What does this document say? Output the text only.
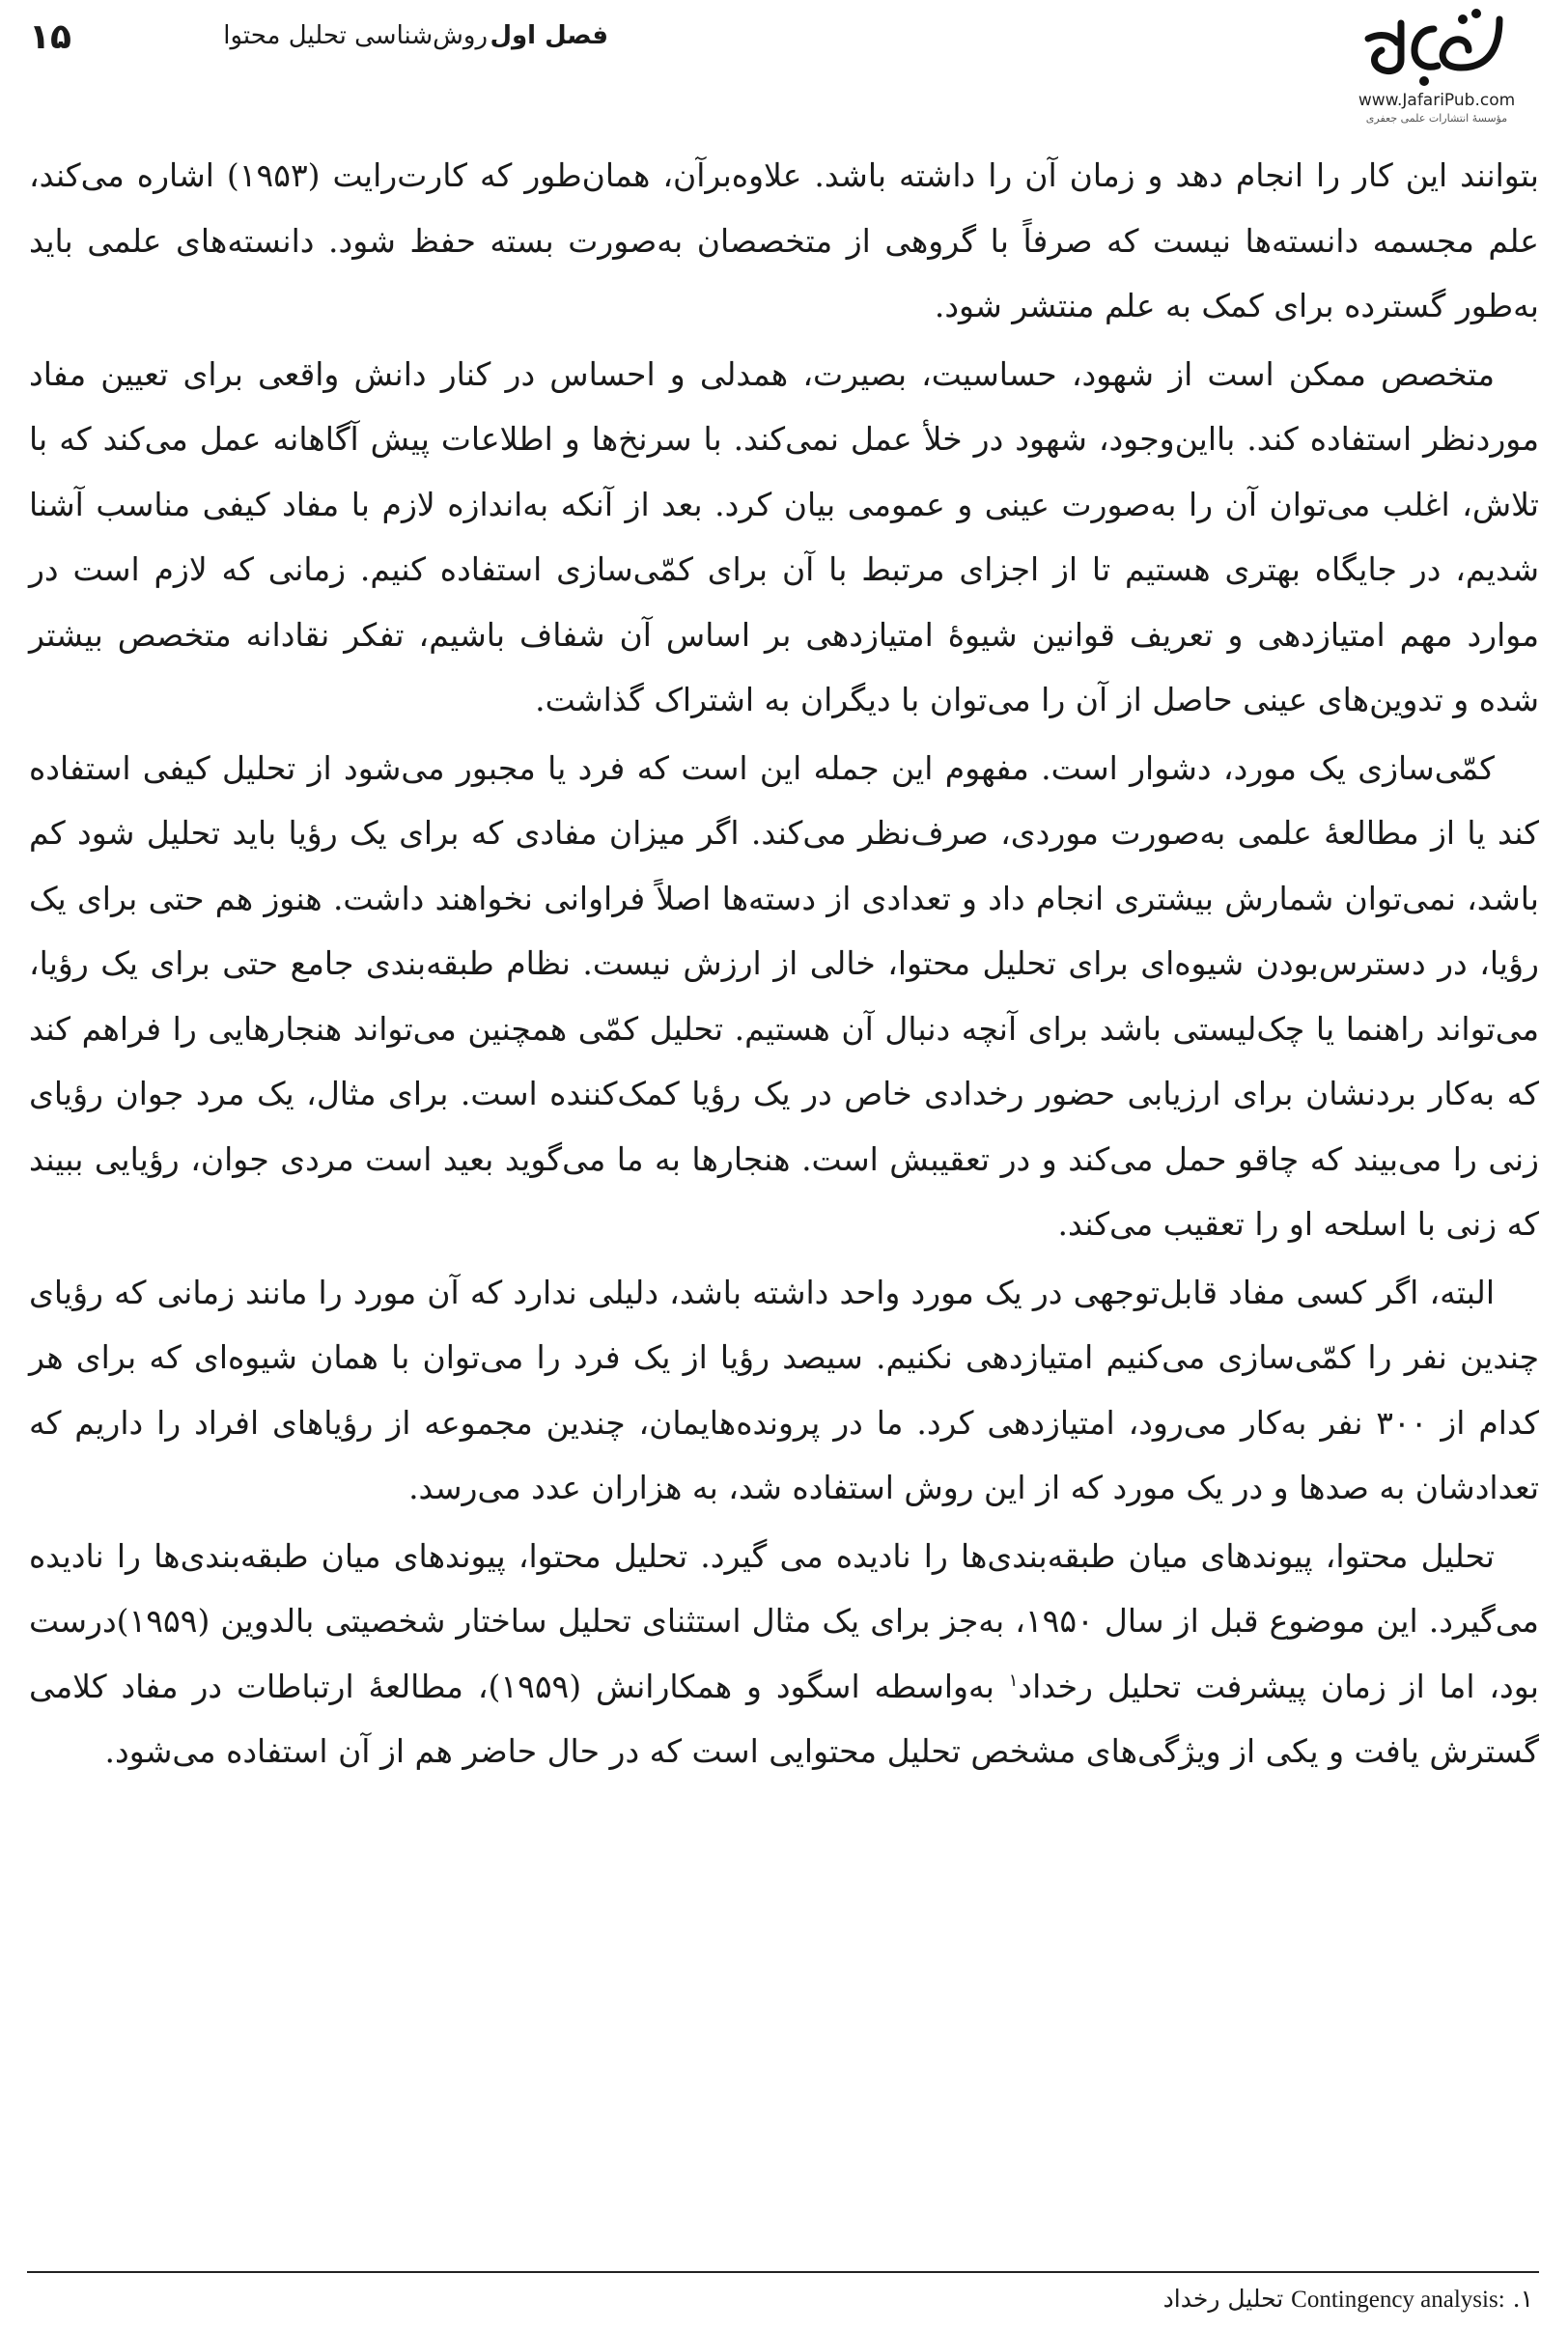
۱۵	فصل اول
روش‌شناسی تحلیل محتوا
www.JafariPub.com
مؤسسهٔ انتشارات علمی جعفری

بتوانند این کار را انجام دهد و زمان آن را داشته باشد. علاوه‌برآن، همان‌طور که کارت‌رایت (۱۹۵۳) اشاره می‌کند، علم مجسمه دانسته‌ها نیست که صرفاً با گروهی از متخصصان به‌صورت بسته حفظ شود. دانسته‌های علمی باید به‌طور گسترده برای کمک به علم منتشر شود.

متخصص ممکن است از شهود، حساسیت، بصیرت، همدلی و احساس در کنار دانش واقعی برای تعیین مفاد موردنظر استفاده کند. بااین‌وجود، شهود در خلأ عمل نمی‌کند. با سرنخ‌ها و اطلاعات پیش آگاهانه عمل می‌کند که با تلاش، اغلب می‌توان آن را به‌صورت عینی و عمومی بیان کرد. بعد از آنکه به‌اندازه لازم با مفاد کیفی مناسب آشنا شدیم، در جایگاه بهتری هستیم تا از اجزای مرتبط با آن برای کمّی‌سازی استفاده کنیم. زمانی که لازم است در موارد مهم امتیازدهی و تعریف قوانین شیوهٔ امتیازدهی بر اساس آن شفاف باشیم، تفکر نقادانه متخصص بیشتر شده و تدوین‌های عینی حاصل از آن را می‌توان با دیگران به اشتراک گذاشت.

کمّی‌سازی یک مورد، دشوار است. مفهوم این جمله این است که فرد یا مجبور می‌شود از تحلیل کیفی استفاده کند یا از مطالعهٔ علمی به‌صورت موردی، صرف‌نظر می‌کند. اگر میزان مفادی که برای یک رؤیا باید تحلیل شود کم باشد، نمی‌توان شمارش بیشتری انجام داد و تعدادی از دسته‌ها اصلاً فراوانی نخواهند داشت. هنوز هم حتی برای یک رؤیا، در دسترس‌بودن شیوه‌ای برای تحلیل محتوا، خالی از ارزش نیست. نظام طبقه‌بندی جامع حتی برای یک رؤیا، می‌تواند راهنما یا چک‌لیستی باشد برای آنچه دنبال آن هستیم. تحلیل کمّی همچنین می‌تواند هنجارهایی را فراهم کند که به‌کار بردنشان برای ارزیابی حضور رخدادی خاص در یک رؤیا کمک‌کننده است. برای مثال، یک مرد جوان رؤیای زنی را می‌بیند که چاقو حمل می‌کند و در تعقیبش است. هنجارها به ما می‌گوید بعید است مردی جوان، رؤیایی ببیند که زنی با اسلحه او را تعقیب می‌کند.

البته، اگر کسی مفاد قابل‌توجهی در یک مورد واحد داشته باشد، دلیلی ندارد که آن مورد را مانند زمانی که رؤیای چندین نفر را کمّی‌سازی می‌کنیم امتیازدهی نکنیم. سیصد رؤیا از یک فرد را می‌توان با همان شیوه‌ای که برای هر کدام از ۳۰۰ نفر به‌کار می‌رود، امتیازدهی کرد. ما در پرونده‌هایمان، چندین مجموعه از رؤیاهای افراد را داریم که تعدادشان به صدها و در یک مورد که از این روش استفاده شد، به هزاران عدد می‌رسد.

تحلیل محتوا، پیوندهای میان طبقه‌بندی‌ها را نادیده می گیرد. تحلیل محتوا، پیوندهای میان طبقه‌بندی‌ها را نادیده می‌گیرد. این موضوع قبل از سال ۱۹۵۰، به‌جز برای یک مثال استثنای تحلیل ساختار شخصیتی بالدوین (۱۹۵۹)درست بود، اما از زمان پیشرفت تحلیل رخداد$^۱$ به‌واسطه اسگود و همکارانش (۱۹۵۹)، مطالعهٔ ارتباطات در مفاد کلامی گسترش یافت و یکی از ویژگی‌های مشخص تحلیل محتوایی است که در حال حاضر هم از آن استفاده می‌شود.

۱. Contingency analysis: تحلیل رخداد
